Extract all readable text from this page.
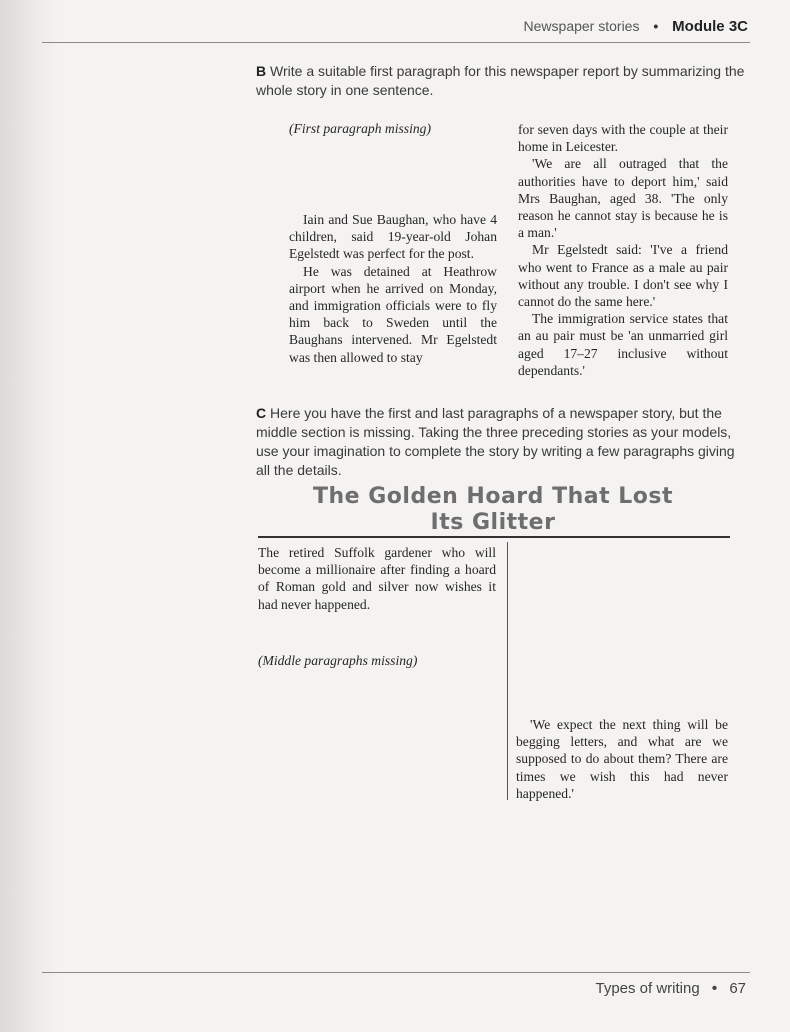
Newspaper stories • Module 3C
B Write a suitable first paragraph for this newspaper report by summarizing the whole story in one sentence.

(First paragraph missing)

Iain and Sue Baughan, who have 4 children, said 19-year-old Johan Egelstedt was perfect for the post.

He was detained at Heathrow airport when he arrived on Monday, and immigration officials were to fly him back to Sweden until the Baughans intervened. Mr Egelstedt was then allowed to stay

for seven days with the couple at their home in Leicester.

'We are all outraged that the authorities have to deport him,' said Mrs Baughan, aged 38. 'The only reason he cannot stay is because he is a man.'

Mr Egelstedt said: 'I've a friend who went to France as a male au pair without any trouble. I don't see why I cannot do the same here.'

The immigration service states that an au pair must be 'an unmarried girl aged 17–27 inclusive without dependants.'

C Here you have the first and last paragraphs of a newspaper story, but the middle section is missing. Taking the three preceding stories as your models, use your imagination to complete the story by writing a few paragraphs giving all the details.
The Golden Hoard That Lost
Its Glitter

The retired Suffolk gardener who will become a millionaire after finding a hoard of Roman gold and silver now wishes it had never happened.

(Middle paragraphs missing)

'We expect the next thing will be begging letters, and what are we supposed to do about them? There are times we wish this had never happened.'

Types of writing • 67
